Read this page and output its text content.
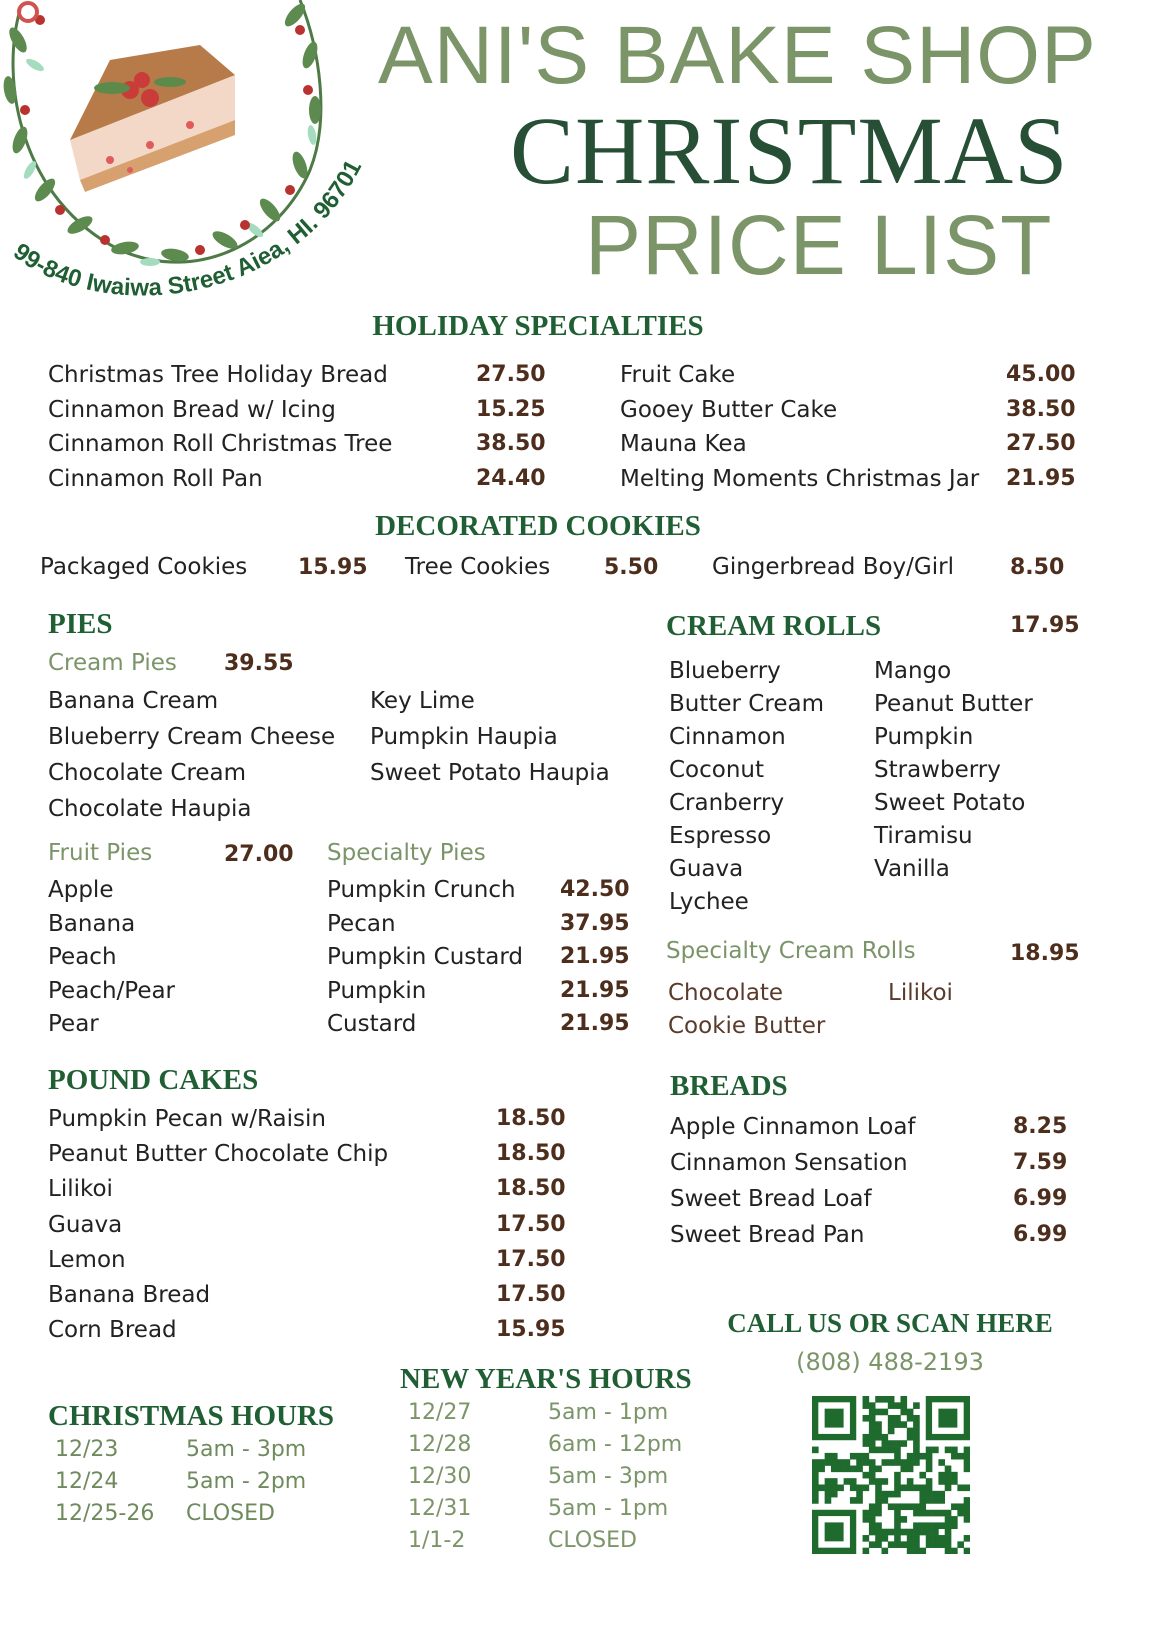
99-840 Iwaiwa Street Aiea, HI. 96701
ANI'S BAKE SHOP
CHRISTMAS
PRICE LIST
HOLIDAY SPECIALTIES
Christmas Tree Holiday Bread	27.50
Cinnamon Bread w/ Icing	15.25
Cinnamon Roll Christmas Tree	38.50
Cinnamon Roll Pan	24.40
Fruit Cake	45.00
Gooey Butter Cake	38.50
Mauna Kea	27.50
Melting Moments Christmas Jar 21.95
DECORATED COOKIES
Packaged Cookies 15.95 Tree Cookies 5.50 Gingerbread Boy/Girl	8.50
PIES
Cream Pies 39.55
Banana Cream
Blueberry Cream Cheese
Chocolate Cream
Chocolate Haupia
Key Lime
Pumpkin Haupia
Sweet Potato Haupia
Fruit Pies	27.00
Apple
Banana
Peach
Peach/Pear
Pear
Specialty Pies
Pumpkin Crunch 42.50
Pecan	37.95
Pumpkin Custard 21.95
Pumpkin	21.95
Custard	21.95
CREAM ROLLS	17.95
Blueberry
Butter Cream
Cinnamon
Coconut
Cranberry
Espresso
Guava
Lychee
Mango
Peanut Butter
Pumpkin
Strawberry
Sweet Potato
Tiramisu
Vanilla
Specialty Cream Rolls	18.95
Chocolate
Cookie Butter
Lilikoi
POUND CAKES
Pumpkin Pecan w/Raisin	18.50
Peanut Butter Chocolate Chip	18.50
Lilikoi	18.50
Guava	17.50
Lemon	17.50
Banana Bread	17.50
Corn Bread	15.95
BREADS
Apple Cinnamon Loaf	8.25
Cinnamon Sensation	7.59
Sweet Bread Loaf	6.99
Sweet Bread Pan	6.99
CALL US OR SCAN HERE
(808) 488-2193
CHRISTMAS HOURS
12/23	5am - 3pm
12/24	5am - 2pm
12/25-26 CLOSED
NEW YEAR'S HOURS
12/27	5am - 1pm
12/28	6am - 12pm
12/30	5am - 3pm
12/31	5am - 1pm
1/1-2	CLOSED
